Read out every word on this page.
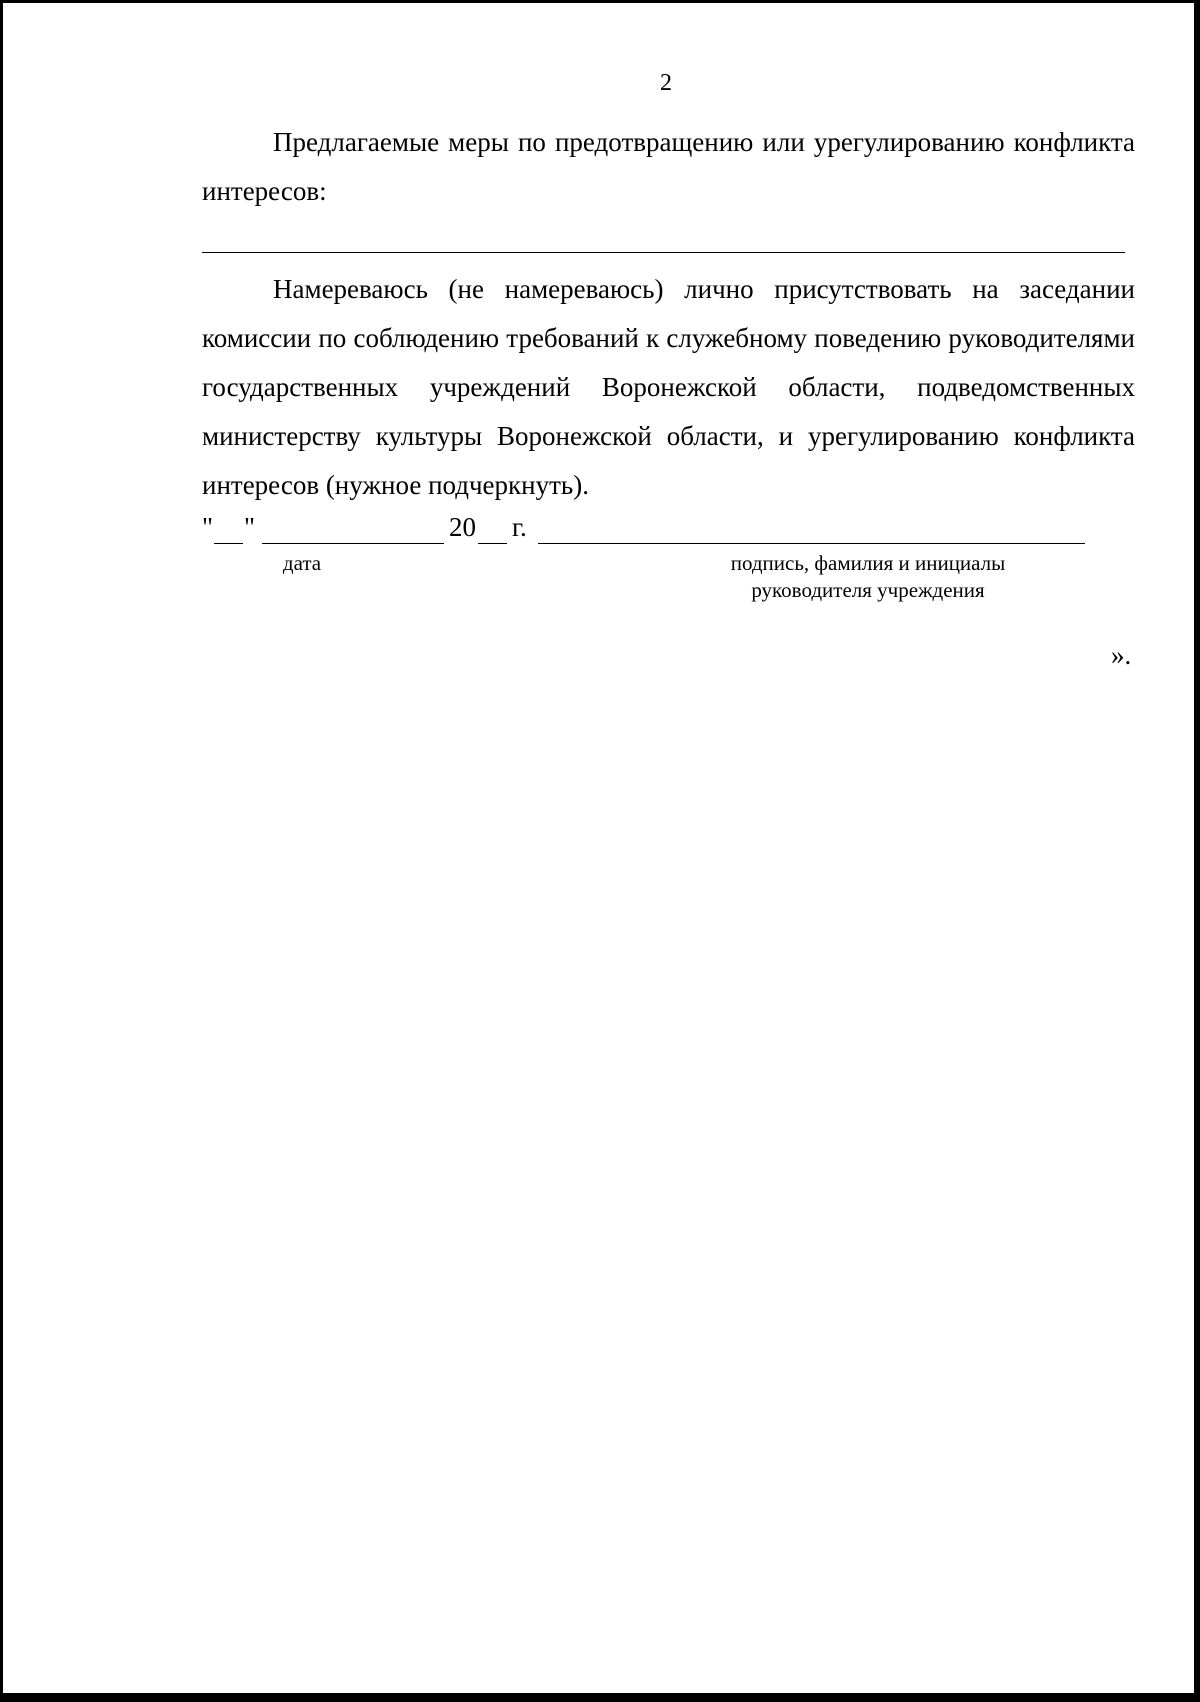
2

Предлагаемые меры по предотвращению или урегулированию конфликта интересов:

Намереваюсь (не намереваюсь) лично присутствовать на заседании комиссии по соблюдению требований к служебному поведению руководителями государственных учреждений Воронежской области, подведомственных министерству культуры Воронежской области, и урегулированию конфликта интересов (нужное подчеркнуть).

" "	20 г.
дата	подпись, фамилия и инициалы
руководителя учреждения
».
